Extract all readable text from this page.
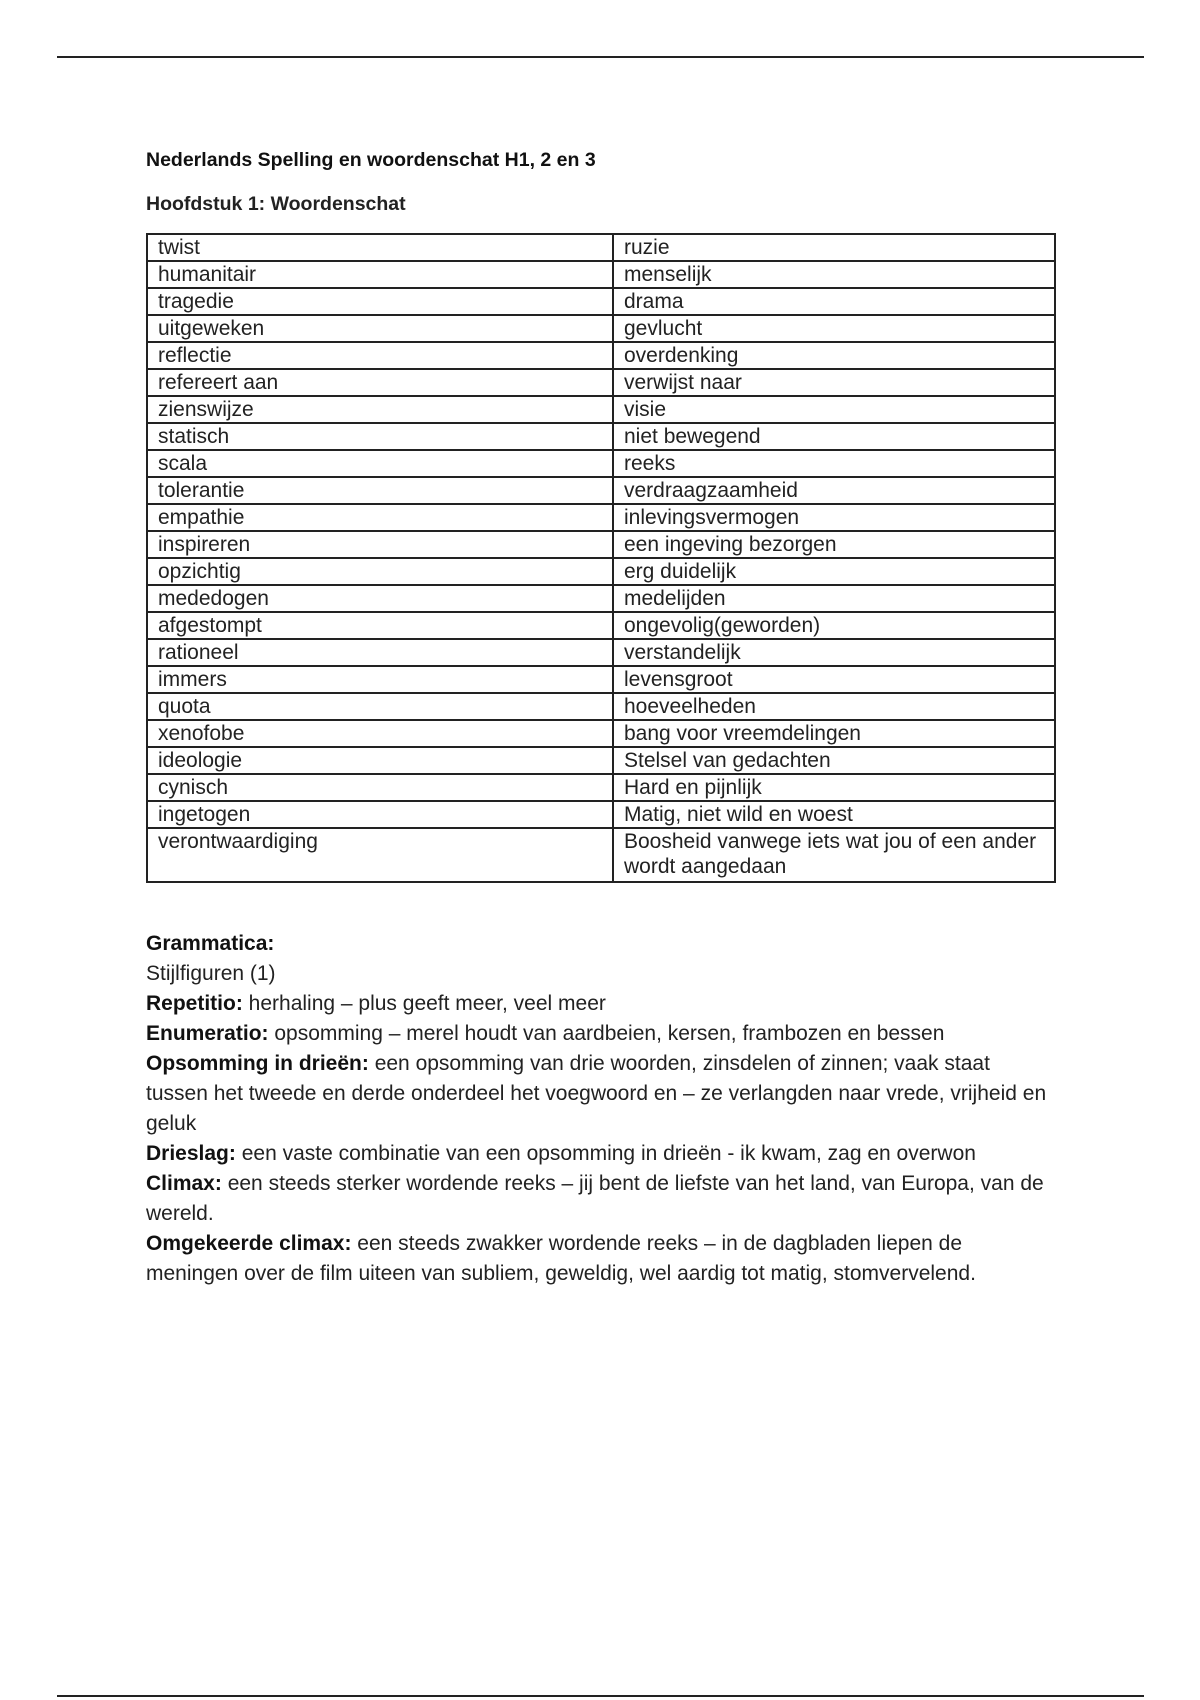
Nederlands Spelling en woordenschat H1, 2 en 3
Hoofdstuk 1: Woordenschat
twist	ruzie
humanitair	menselijk
tragedie	drama
uitgeweken	gevlucht
reflectie	overdenking
refereert aan	verwijst naar
zienswijze	visie
statisch	niet bewegend
scala	reeks
tolerantie	verdraagzaamheid
empathie	inlevingsvermogen
inspireren	een ingeving bezorgen
opzichtig	erg duidelijk
mededogen	medelijden
afgestompt	ongevolig(geworden)
rationeel	verstandelijk
immers	levensgroot
quota	hoeveelheden
xenofobe	bang voor vreemdelingen
ideologie	Stelsel van gedachten
cynisch	Hard en pijnlijk
ingetogen	Matig, niet wild en woest
verontwaardiging	Boosheid vanwege iets wat jou of een ander wordt aangedaan

Grammatica:

Stijlfiguren (1)

Repetitio: herhaling – plus geeft meer, veel meer

Enumeratio: opsomming – merel houdt van aardbeien, kersen, frambozen en bessen

Opsomming in drieën: een opsomming van drie woorden, zinsdelen of zinnen; vaak staat tussen het tweede en derde onderdeel het voegwoord en – ze verlangden naar vrede, vrijheid en geluk

Drieslag: een vaste combinatie van een opsomming in drieën - ik kwam, zag en overwon

Climax: een steeds sterker wordende reeks – jij bent de liefste van het land, van Europa, van de wereld.

Omgekeerde climax: een steeds zwakker wordende reeks – in de dagbladen liepen de meningen over de film uiteen van subliem, geweldig, wel aardig tot matig, stomvervelend.
